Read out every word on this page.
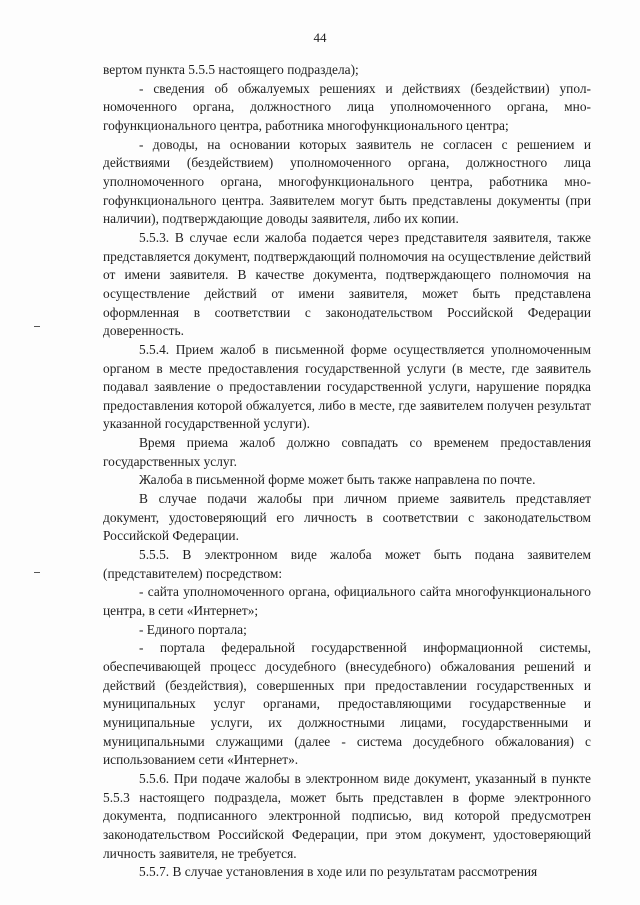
44

вертом пункта 5.5.5 настоящего подраздела);

- сведения об обжалуемых решениях и действиях (бездействии) уполномоченного органа, должностного лица уполномоченного органа, многофункционального центра, работника многофункционального центра;

- доводы, на основании которых заявитель не согласен с решением и действиями (бездействием) уполномоченного органа, должностного лица уполномоченного органа, многофункционального центра, работника многофункционального центра. Заявителем могут быть представлены документы (при наличии), подтверждающие доводы заявителя, либо их копии.

5.5.3. В случае если жалоба подается через представителя заявителя, также представляется документ, подтверждающий полномочия на осуществление действий от имени заявителя. В качестве документа, подтверждающего полномочия на осуществление действий от имени заявителя, может быть представлена оформленная в соответствии с законодательством Российской Федерации доверенность.

5.5.4. Прием жалоб в письменной форме осуществляется уполномоченным органом в месте предоставления государственной услуги (в месте, где заявитель подавал заявление о предоставлении государственной услуги, нарушение порядка предоставления которой обжалуется, либо в месте, где заявителем получен результат указанной государственной услуги).

Время приема жалоб должно совпадать со временем предоставления государственных услуг.

Жалоба в письменной форме может быть также направлена по почте.

В случае подачи жалобы при личном приеме заявитель представляет документ, удостоверяющий его личность в соответствии с законодательством Российской Федерации.

5.5.5. В электронном виде жалоба может быть подана заявителем (представителем) посредством:

- сайта уполномоченного органа, официального сайта многофункционального центра, в сети «Интернет»;

- Единого портала;

- портала федеральной государственной информационной системы, обеспечивающей процесс досудебного (внесудебного) обжалования решений и действий (бездействия), совершенных при предоставлении государственных и муниципальных услуг органами, предоставляющими государственные и муниципальные услуги, их должностными лицами, государственными и муниципальными служащими (далее - система досудебного обжалования) с использованием сети «Интернет».

5.5.6. При подаче жалобы в электронном виде документ, указанный в пункте 5.5.3 настоящего подраздела, может быть представлен в форме электронного документа, подписанного электронной подписью, вид которой предусмотрен законодательством Российской Федерации, при этом документ, удостоверяющий личность заявителя, не требуется.

5.5.7. В случае установления в ходе или по результатам рассмотрения
